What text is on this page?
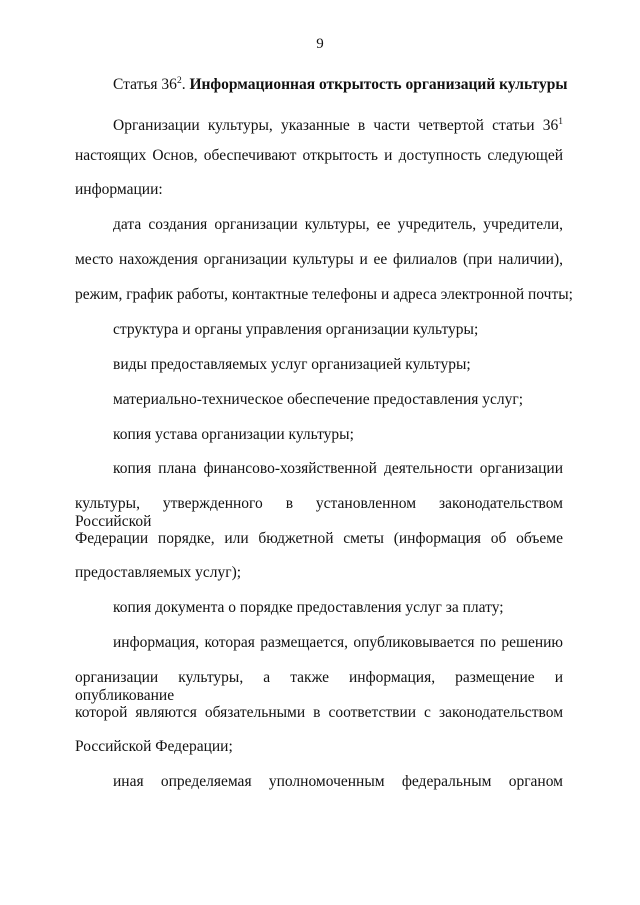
9
Статья $36^2$. Информационная открытость организаций культуры
Организации культуры, указанные в части четвертой статьи $36^1$
настоящих Основ, обеспечивают открытость и доступность следующей
информации:
дата создания организации культуры, ее учредитель, учредители,
место нахождения организации культуры и ее филиалов (при наличии),
режим, график работы, контактные телефоны и адреса электронной почты;
структура и органы управления организации культуры;
виды предоставляемых услуг организацией культуры;
материально-техническое обеспечение предоставления услуг;
копия устава организации культуры;
копия плана финансово-хозяйственной деятельности организации
культуры, утвержденного в установленном законодательством Российской
Федерации порядке, или бюджетной сметы (информация об объеме
предоставляемых услуг);
копия документа о порядке предоставления услуг за плату;
информация, которая размещается, опубликовывается по решению
организации культуры, а также информация, размещение и опубликование
которой являются обязательными в соответствии с законодательством
Российской Федерации;
иная определяемая уполномоченным федеральным органом
